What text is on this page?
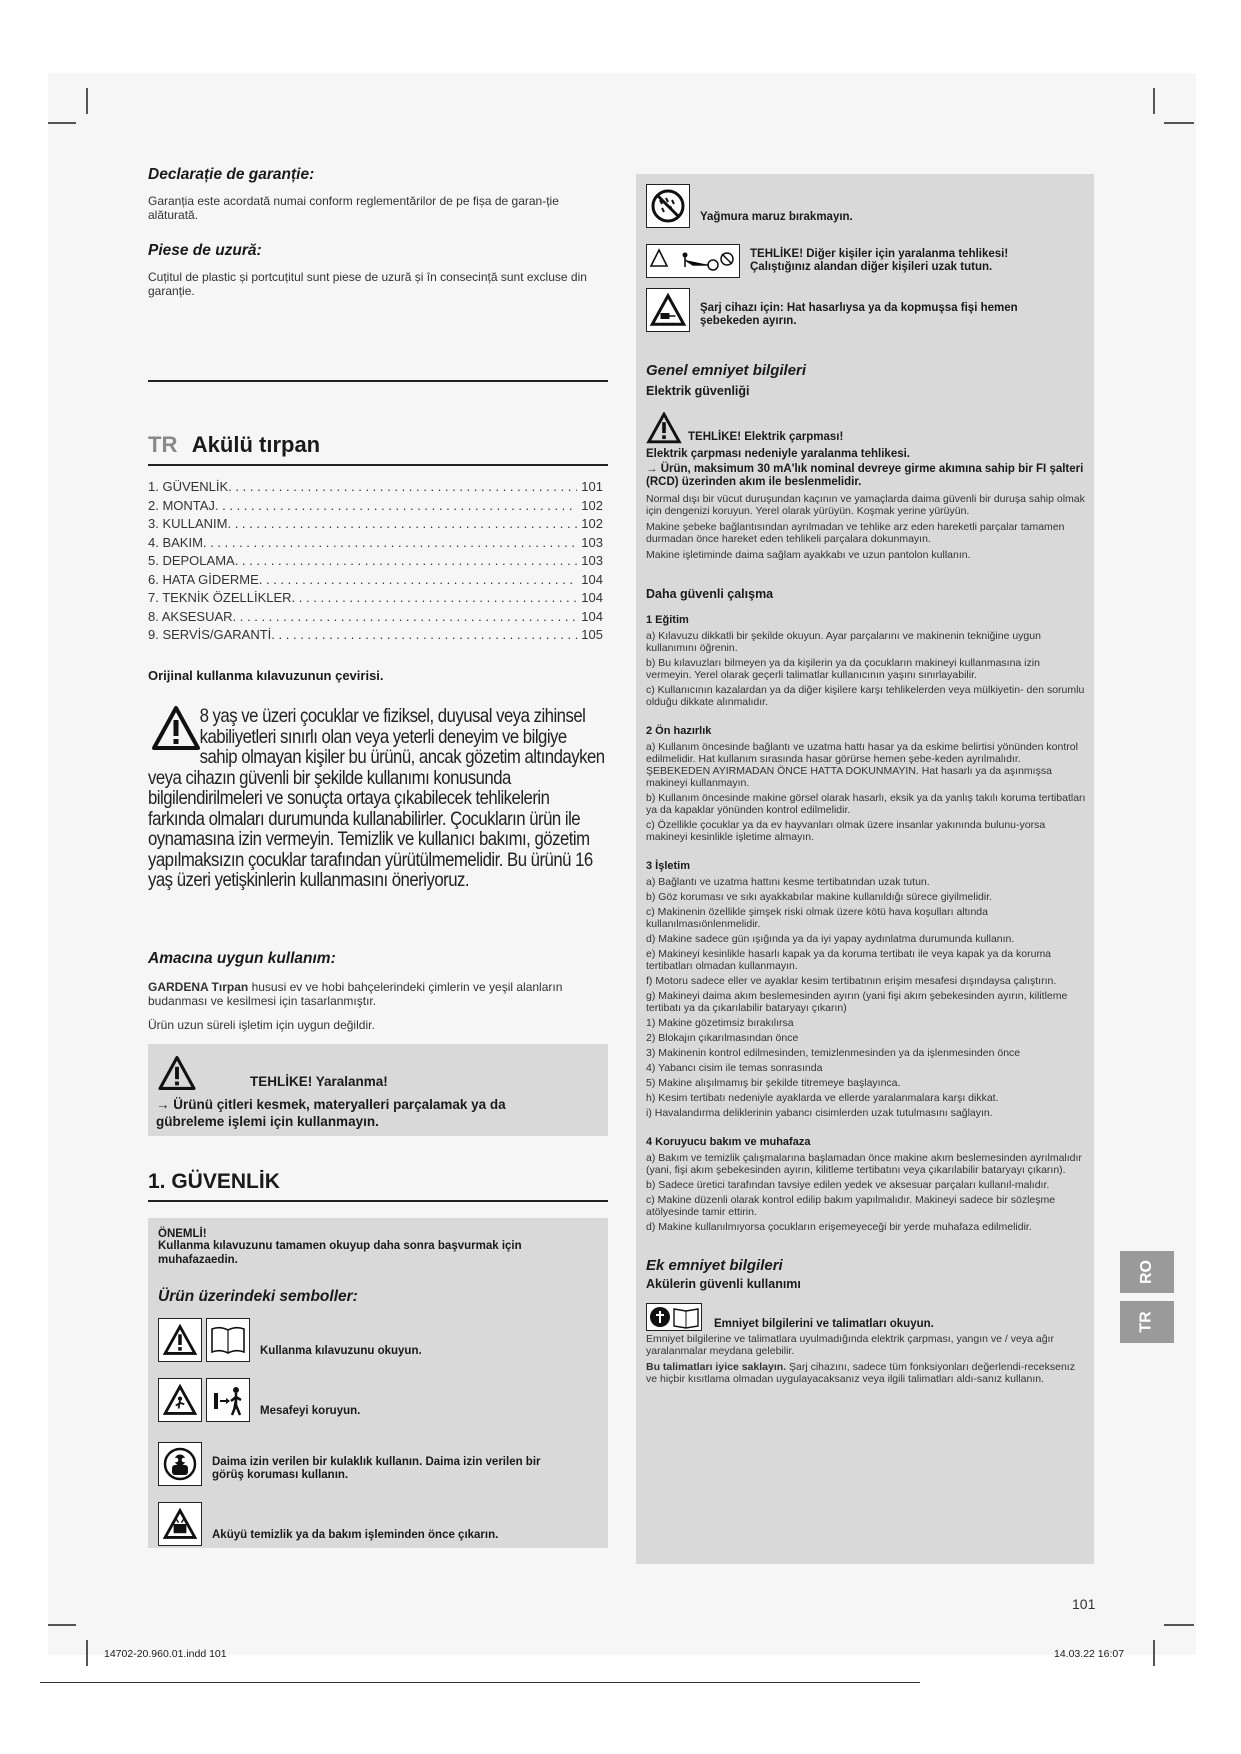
Declarație de garanție:

Garanția este acordată numai conform reglementărilor de pe fișa de garan-ție alăturată.

Piese de uzură:

Cuțitul de plastic și portcuțitul sunt piese de uzură și în consecință sunt excluse din garanție.

TR Akülü tırpan
1. GÜVENLİK . . .	101
2. MONTAJ . . .	102
3. KULLANIM . . .	102
4. BAKIM . . .	103
5. DEPOLAMA . . .	103
6. HATA GİDERME . . .	104
7. TEKNİK ÖZELLİKLER . . .	104
8. AKSESUAR . . .	104
9. SERVİS/GARANTİ . . .	105

Orijinal kullanma kılavuzunun çevirisi.

8 yaş ve üzeri çocuklar ve fiziksel, duyusal veya zihinsel kabiliyetleri sınırlı olan veya yeterli deneyim ve bilgiye sahip olmayan kişiler bu ürünü, ancak gözetim altındayken veya cihazın güvenli bir şekilde kullanımı konusunda bilgilendirilmeleri ve sonuçta ortaya çıkabilecek tehlikelerin farkında olmaları durumunda kullanabilirler. Çocukların ürün ile oynamasına izin vermeyin. Temizlik ve kullanıcı bakımı, gözetim yapılmaksızın çocuklar tarafından yürütülmemelidir. Bu ürünü 16 yaş üzeri yetişkinlerin kullanmasını öneriyoruz.

Amacına uygun kullanım:

GARDENA Tırpan hususi ev ve hobi bahçelerindeki çimlerin ve yeşil alanların budanması ve kesilmesi için tasarlanmıştır.

Ürün uzun süreli işletim için uygun değildir.

TEHLİKE! Yaralanma!

→ Ürünü çitleri kesmek, materyalleri parçalamak ya da gübreleme işlemi için kullanmayın.

1. GÜVENLİK

ÖNEMLİ!

Kullanma kılavuzunu tamamen okuyup daha sonra başvurmak için muhafazaedin.

Ürün üzerindeki semboller:

Kullanma kılavuzunu okuyun.
Mesafeyi koruyun.
Daima izin verilen bir kulaklık kullanın. Daima izin verilen bir görüş koruması kullanın.
Aküyü temizlik ya da bakım işleminden önce çıkarın.
Yağmura maruz bırakmayın.
TEHLİKE! Diğer kişiler için yaralanma tehlikesi! Çalıştığınız alandan diğer kişileri uzak tutun.
Şarj cihazı için: Hat hasarlıysa ya da kopmuşsa fişi hemen şebekeden ayırın.

Genel emniyet bilgileri

Elektrik güvenliği

TEHLİKE! Elektrik çarpması!

Elektrik çarpması nedeniyle yaralanma tehlikesi.

→ Ürün, maksimum 30 mA'lık nominal devreye girme akımına sahip bir FI şalteri (RCD) üzerinden akım ile beslenmelidir.

Normal dışı bir vücut duruşundan kaçının ve yamaçlarda daima güvenli bir duruşa sahip olmak için dengenizi koruyun. Yerel olarak yürüyün. Koşmak yerine yürüyün.

Makine şebeke bağlantısından ayrılmadan ve tehlike arz eden hareketli parçalar tamamen durmadan önce hareket eden tehlikeli parçalara dokunmayın.

Makine işletiminde daima sağlam ayakkabı ve uzun pantolon kullanın.

Daha güvenli çalışma

1 Eğitim

a) Kılavuzu dikkatli bir şekilde okuyun. Ayar parçalarını ve makinenin tekniğine uygun kullanımını öğrenin.

b) Bu kılavuzları bilmeyen ya da kişilerin ya da çocukların makineyi kullanmasına izin vermeyin. Yerel olarak geçerli talimatlar kullanıcının yaşını sınırlayabilir.

c) Kullanıcının kazalardan ya da diğer kişilere karşı tehlikelerden veya mülkiyetin- den sorumlu olduğu dikkate alınmalıdır.

2 Ön hazırlık

a) Kullanım öncesinde bağlantı ve uzatma hattı hasar ya da eskime belirtisi yönünden kontrol edilmelidir. Hat kullanım sırasında hasar görürse hemen şebe-keden ayrılmalıdır. ŞEBEKEDEN AYIRMADAN ÖNCE HATTA DOKUNMAYIN. Hat hasarlı ya da aşınmışsa makineyi kullanmayın.

b) Kullanım öncesinde makine görsel olarak hasarlı, eksik ya da yanlış takılı koruma tertibatları ya da kapaklar yönünden kontrol edilmelidir.

c) Özellikle çocuklar ya da ev hayvanları olmak üzere insanlar yakınında bulunu-yorsa makineyi kesinlikle işletime almayın.

3 İşletim

a) Bağlantı ve uzatma hattını kesme tertibatından uzak tutun.

b) Göz koruması ve sıkı ayakkabılar makine kullanıldığı sürece giyilmelidir.

c) Makinenin özellikle şimşek riski olmak üzere kötü hava koşulları altında kullanılmasıönlenmelidir.

d) Makine sadece gün ışığında ya da iyi yapay aydınlatma durumunda kullanın.

e) Makineyi kesinlikle hasarlı kapak ya da koruma tertibatı ile veya kapak ya da koruma tertibatları olmadan kullanmayın.

f) Motoru sadece eller ve ayaklar kesim tertibatının erişim mesafesi dışındaysa çalıştırın.

g) Makineyi daima akım beslemesinden ayırın (yani fişi akım şebekesinden ayırın, kilitleme tertibatı ya da çıkarılabilir bataryayı çıkarın)

1) Makine gözetimsiz bırakılırsa

2) Blokajın çıkarılmasından önce

3) Makinenin kontrol edilmesinden, temizlenmesinden ya da işlenmesinden önce

4) Yabancı cisim ile temas sonrasında

5) Makine alışılmamış bir şekilde titremeye başlayınca.

h) Kesim tertibatı nedeniyle ayaklarda ve ellerde yaralanmalara karşı dikkat.

i) Havalandırma deliklerinin yabancı cisimlerden uzak tutulmasını sağlayın.

4 Koruyucu bakım ve muhafaza

a) Bakım ve temizlik çalışmalarına başlamadan önce makine akım beslemesinden ayrılmalıdır (yani, fişi akım şebekesinden ayırın, kilitleme tertibatını veya çıkarılabilir bataryayı çıkarın).

b) Sadece üretici tarafından tavsiye edilen yedek ve aksesuar parçaları kullanıl-malıdır.

c) Makine düzenli olarak kontrol edilip bakım yapılmalıdır. Makineyi sadece bir sözleşme atölyesinde tamir ettirin.

d) Makine kullanılmıyorsa çocukların erişemeyeceği bir yerde muhafaza edilmelidir.

Ek emniyet bilgileri

Akülerin güvenli kullanımı

Emniyet bilgilerini ve talimatları okuyun.

Emniyet bilgilerine ve talimatlara uyulmadığında elektrik çarpması, yangın ve / veya ağır yaralanmalar meydana gelebilir.

Bu talimatları iyice saklayın. Şarj cihazını, sadece tüm fonksiyonları değerlendi-receksenız ve hiçbir kısıtlama olmadan uygulayacaksanız veya ilgili talimatları aldı-sanız kullanın.

RO
TR

101

14702-20.960.01.indd 101	14.03.22 16:07
